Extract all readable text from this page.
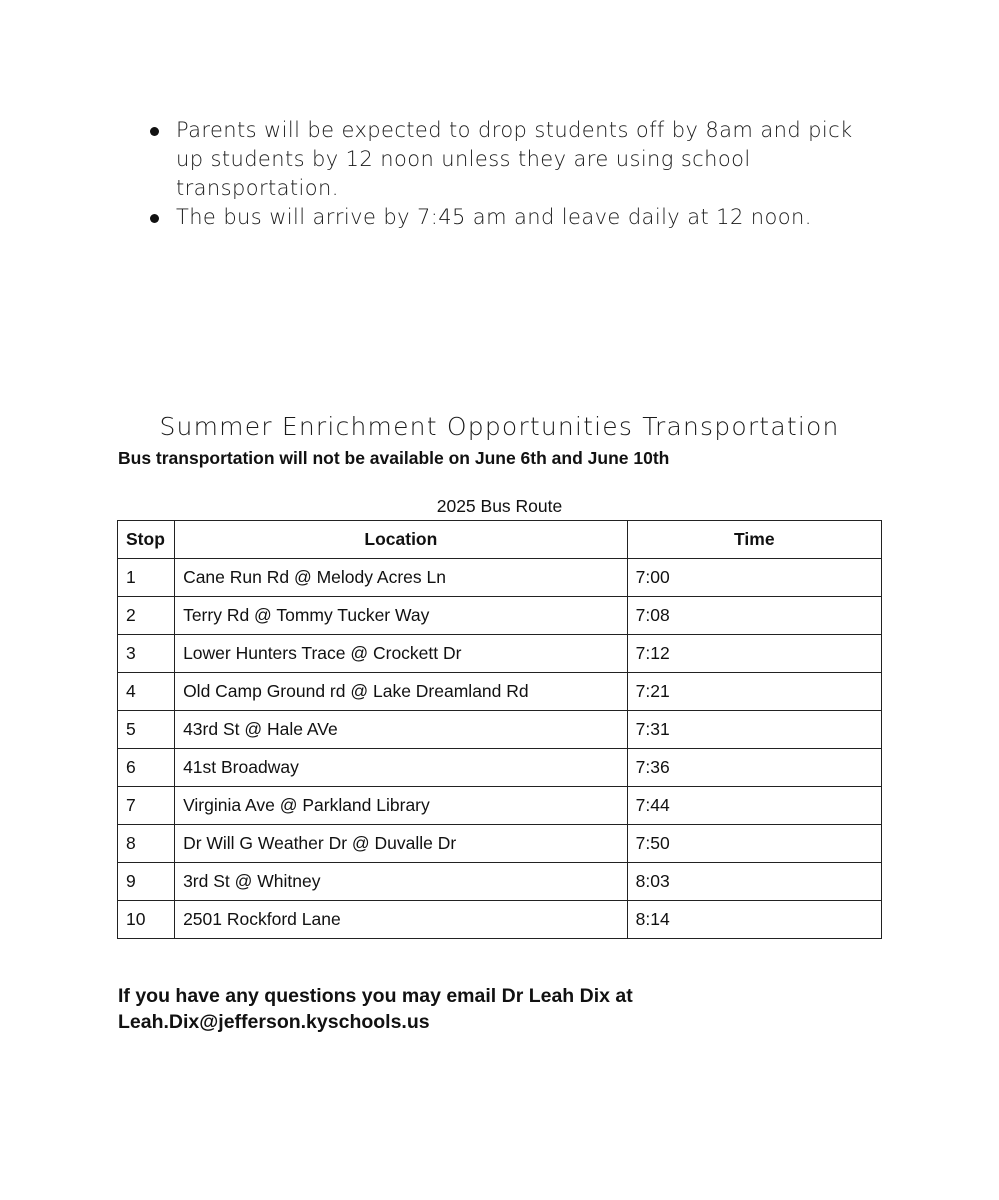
Parents will be expected to drop students off by 8am and pick up students by 12 noon unless they are using school transportation.
The bus will arrive by 7:45 am and leave daily at 12 noon.
Summer Enrichment Opportunities Transportation

Bus transportation will not be available on June 6th and June 10th

2025 Bus Route

Stop	Location	Time
1	Cane Run Rd @ Melody Acres Ln	7:00
2	Terry Rd @ Tommy Tucker Way	7:08
3	Lower Hunters Trace @ Crockett Dr	7:12
4	Old Camp Ground rd @ Lake Dreamland Rd	7:21
5	43rd St @ Hale AVe	7:31
6	41st Broadway	7:36
7	Virginia Ave @ Parkland Library	7:44
8	Dr Will G Weather Dr @ Duvalle Dr	7:50
9	3rd St @ Whitney	8:03
10	2501 Rockford Lane	8:14
If you have any questions you may email Dr Leah Dix at
Leah.Dix@jefferson.kyschools.us
